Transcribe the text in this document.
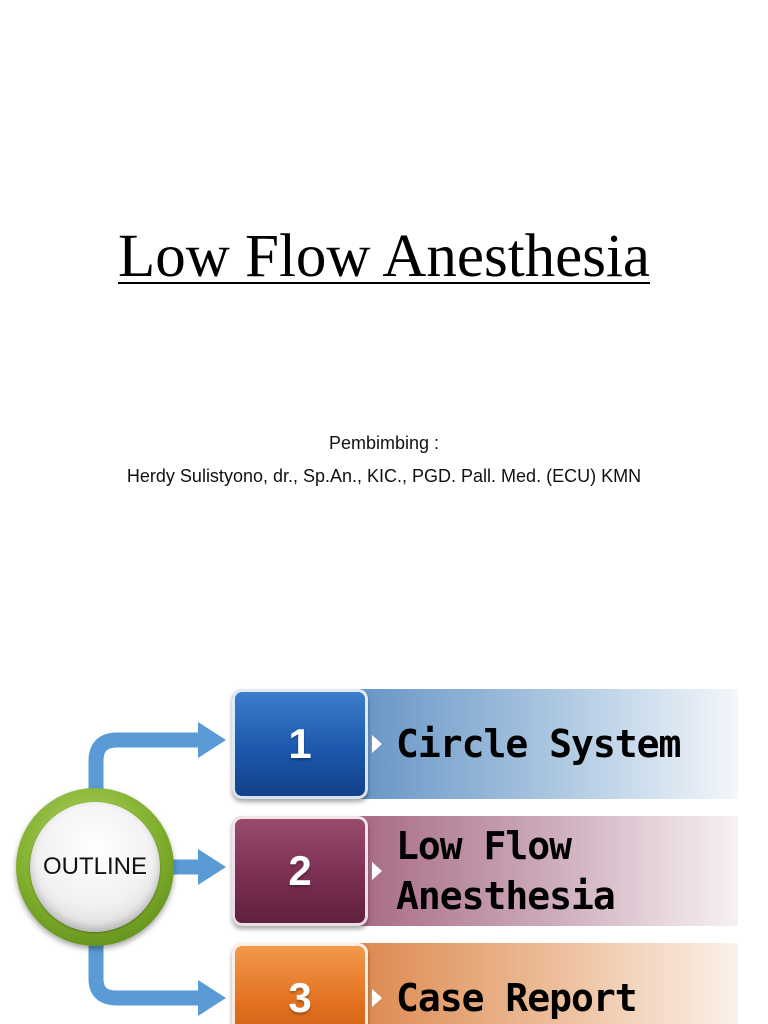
Low Flow Anesthesia
Pembimbing :
Herdy Sulistyono, dr., Sp.An., KIC., PGD. Pall. Med. (ECU) KMN
OUTLINE
1 Circle System
2
Low Flow
Anesthesia
3 Case Report
